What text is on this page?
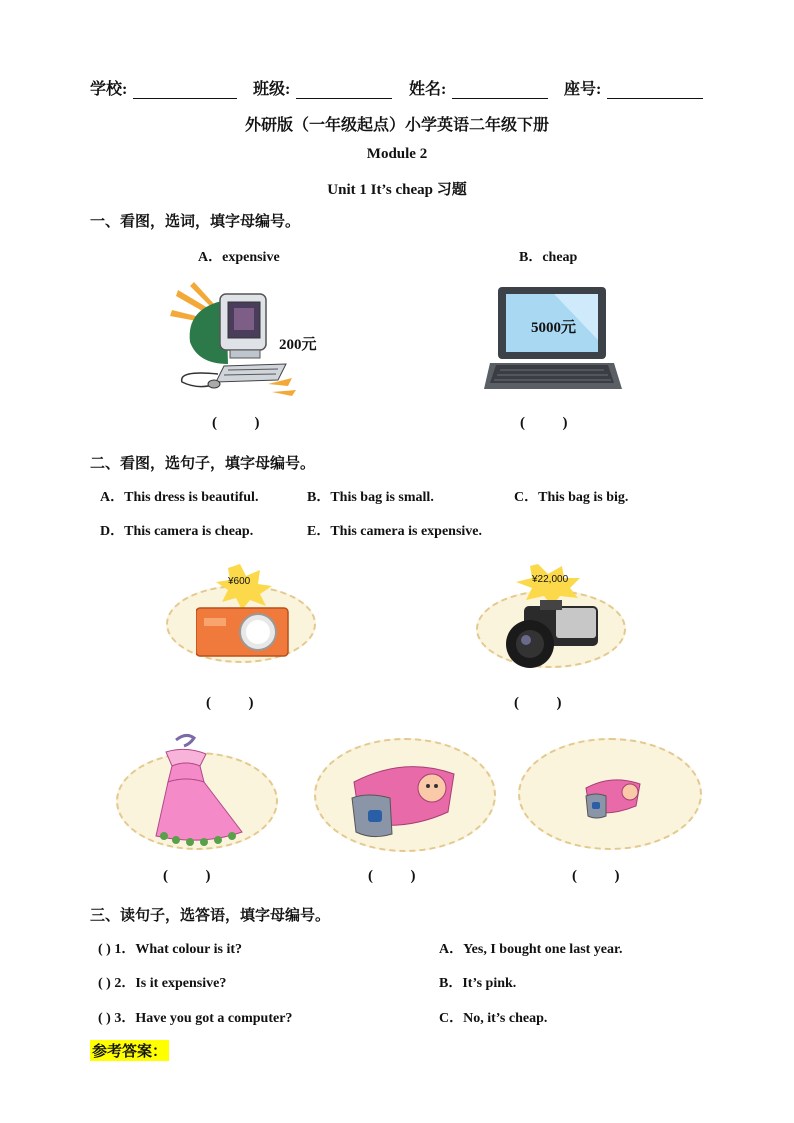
学校:	班级:	姓名:	座号:
外研版（一年级起点）小学英语二年级下册
Module 2
Unit 1 It’s cheap 习题
一、看图，选词，填字母编号。
A．expensive	B．cheap
200元
(          )
5000元
(          )
二、看图，选句子，填字母编号。
A．This dress is beautiful.	B．This bag is small.	C．This bag is big.
D．This camera is cheap.	E．This camera is expensive.
¥600
(          )
¥22,000
(          )
(          )	(          )	(          )
三、读句子，选答语，填字母编号。
( ) 1．What colour is it?
( ) 2．Is it expensive?
( ) 3．Have you got a computer?
A．Yes, I bought one last year.
B．It’s pink.
C．No, it’s cheap.
参考答案：
